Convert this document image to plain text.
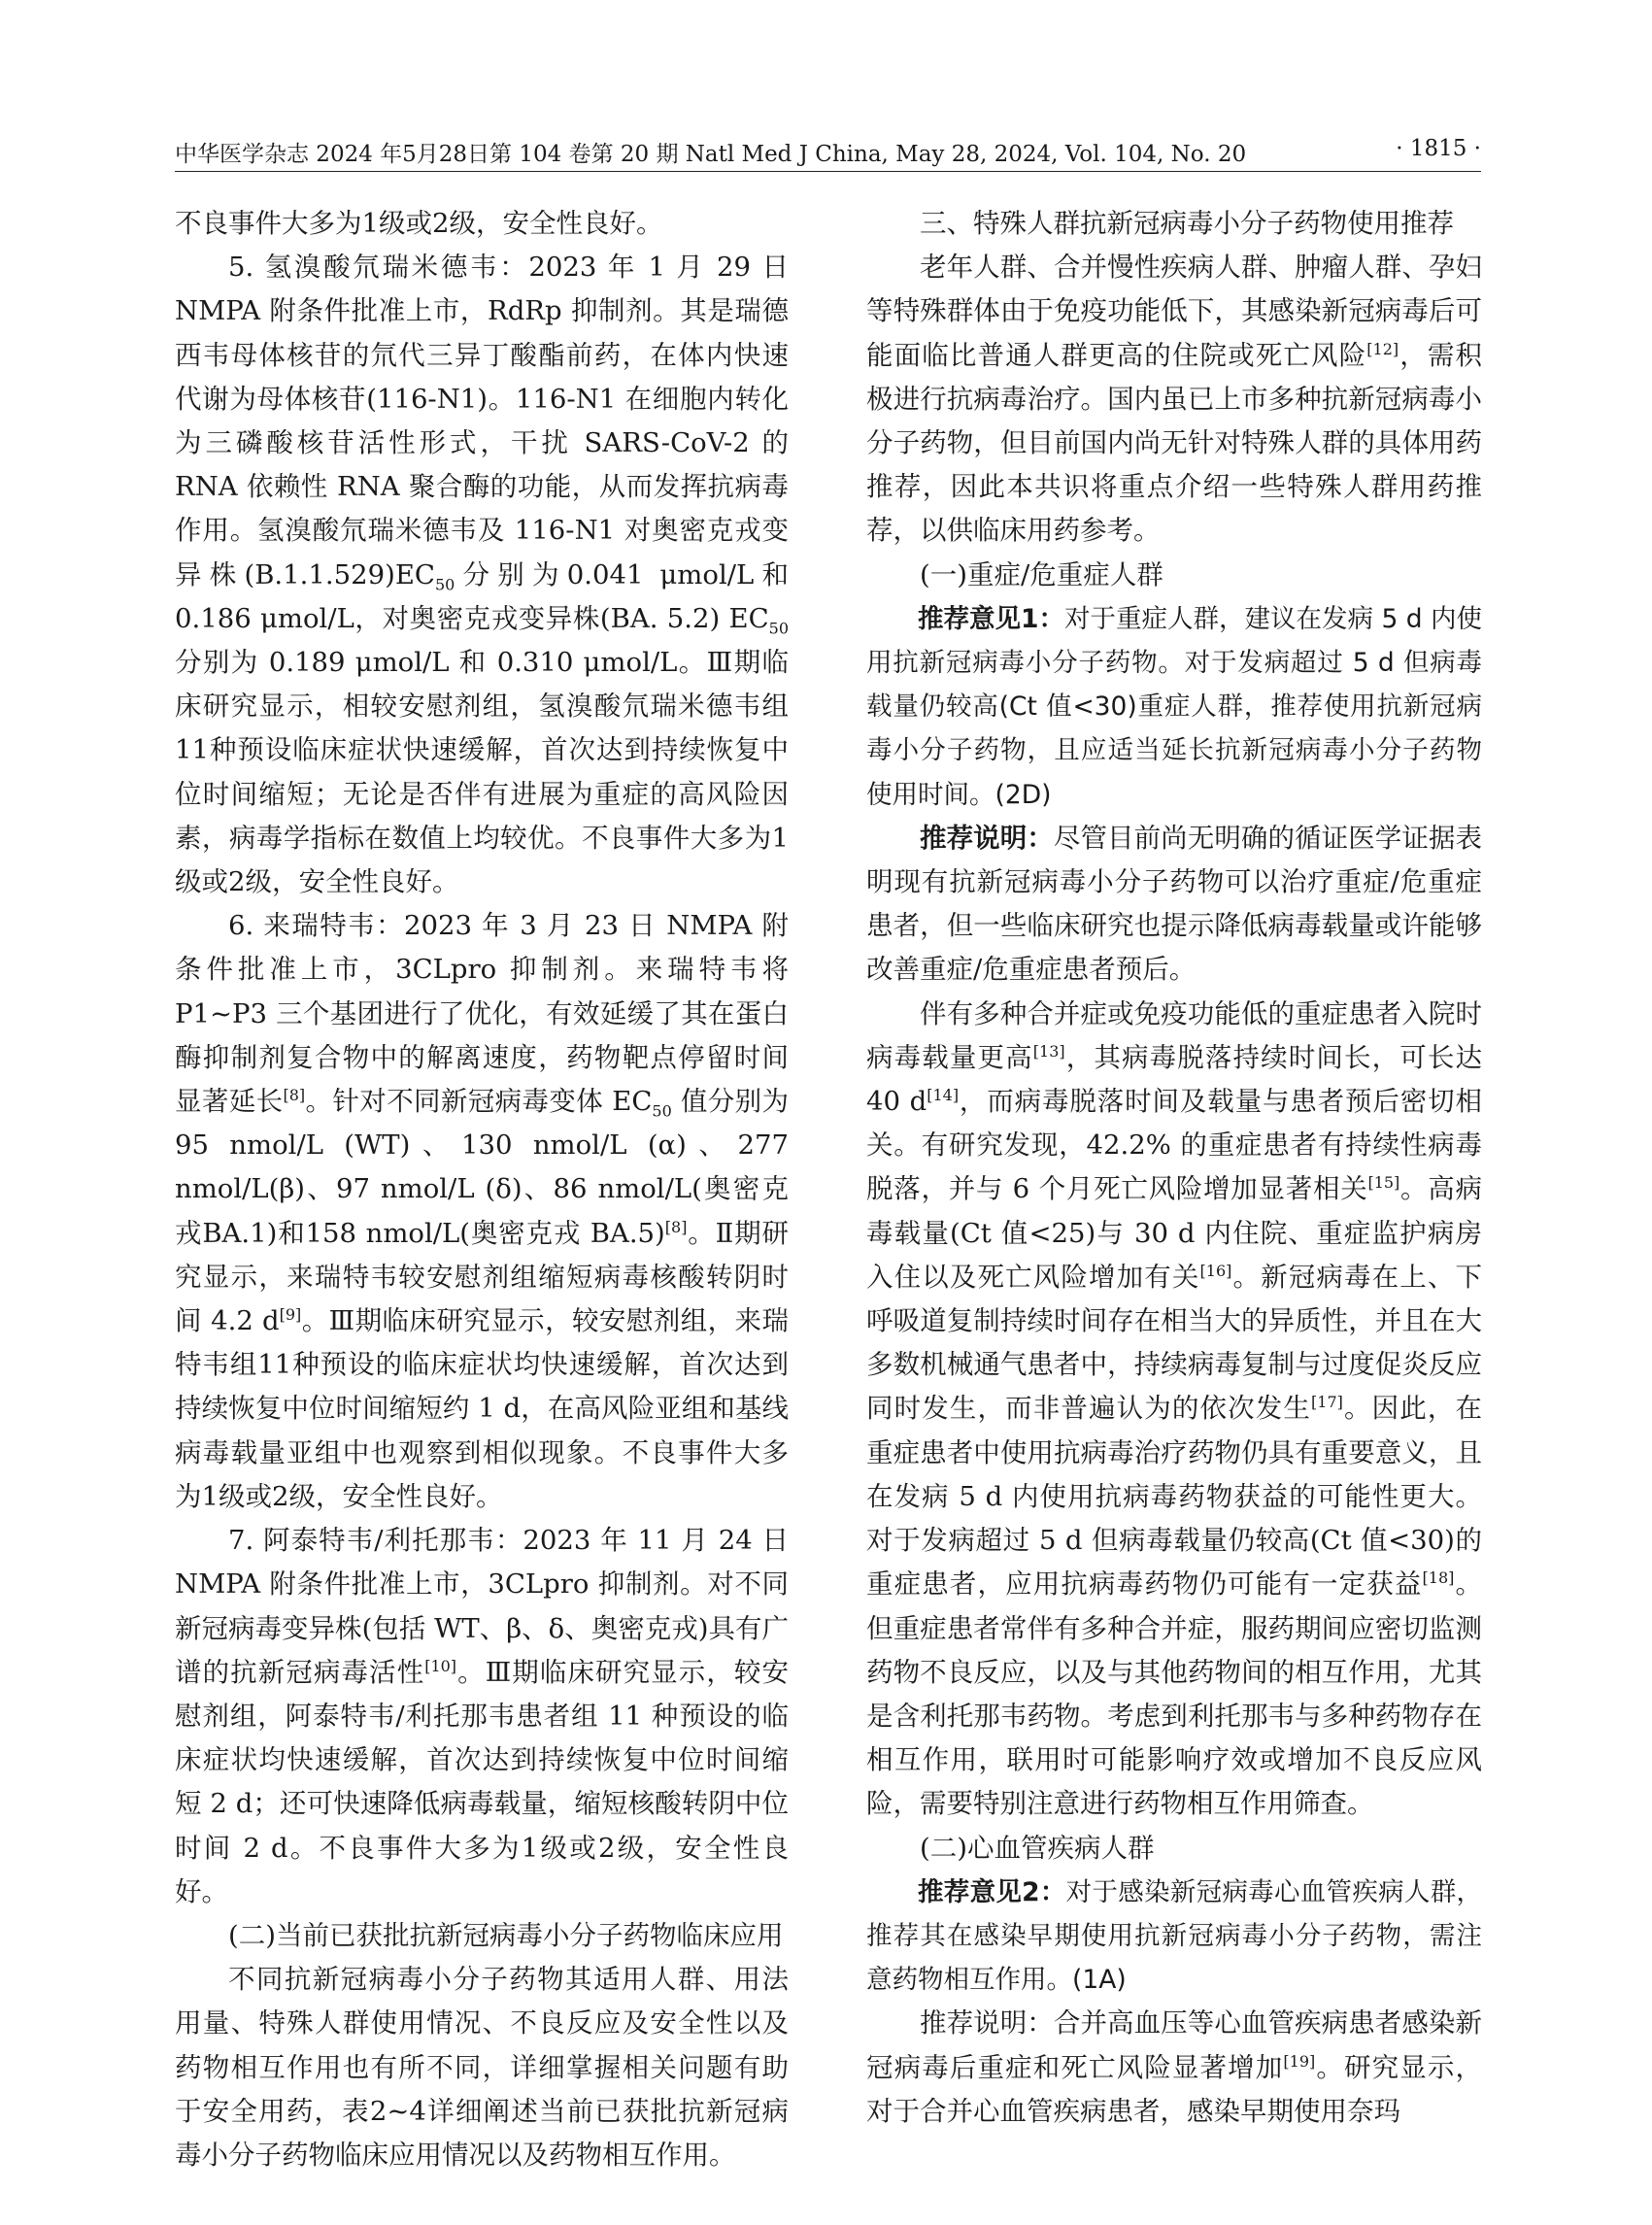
中华医学杂志 2024 年5月28日第 104 卷第 20 期 Natl Med J China, May 28, 2024, Vol. 104, No. 20	· 1815 ·

不良事件大多为1级或2级，安全性良好。

5. 氢溴酸氘瑞米德韦：2023 年 1 月 29 日 NMPA 附条件批准上市，RdRp 抑制剂。其是瑞德西韦母体核苷的氘代三异丁酸酯前药，在体内快速代谢为母体核苷(116-N1)。116-N1 在细胞内转化为三磷酸核苷活性形式，干扰 SARS-CoV-2 的 RNA 依赖性 RNA 聚合酶的功能，从而发挥抗病毒作用。氢溴酸氘瑞米德韦及 116-N1 对奥密克戎变异株$(B.1.1.529)EC_{50}$分别为0.041 μmol/L和0.186 μmol/L，对奥密克戎变异株(BA. 5.2) $EC_{50}$ 分别为 0.189 μmol/L 和 0.310 μmol/L。Ⅲ期临床研究显示，相较安慰剂组，氢溴酸氘瑞米德韦组11种预设临床症状快速缓解，首次达到持续恢复中位时间缩短；无论是否伴有进展为重症的高风险因素，病毒学指标在数值上均较优。不良事件大多为1级或2级，安全性良好。

6. 来瑞特韦：2023 年 3 月 23 日 NMPA 附条件批准上市，3CLpro 抑制剂。来瑞特韦将 P1~P3 三个基团进行了优化，有效延缓了其在蛋白酶抑制剂复合物中的解离速度，药物靶点停留时间显著延长[8]。针对不同新冠病毒变体 $EC_{50}$ 值分别为 95 nmol/L (WT)、130 nmol/L (α)、277 nmol/L(β)、97 nmol/L (δ)、86 nmol/L(奥密克戎BA.1)和158 nmol/L(奥密克戎 BA.5)[8]。Ⅱ期研究显示，来瑞特韦较安慰剂组缩短病毒核酸转阴时间 4.2 d[9]。Ⅲ期临床研究显示，较安慰剂组，来瑞特韦组11种预设的临床症状均快速缓解，首次达到持续恢复中位时间缩短约 1 d，在高风险亚组和基线病毒载量亚组中也观察到相似现象。不良事件大多为1级或2级，安全性良好。

7. 阿泰特韦/利托那韦：2023 年 11 月 24 日 NMPA 附条件批准上市，3CLpro 抑制剂。对不同新冠病毒变异株(包括 WT、β、δ、奥密克戎)具有广谱的抗新冠病毒活性[10]。Ⅲ期临床研究显示，较安慰剂组，阿泰特韦/利托那韦患者组 11 种预设的临床症状均快速缓解，首次达到持续恢复中位时间缩短 2 d；还可快速降低病毒载量，缩短核酸转阴中位时间 2 d。不良事件大多为1级或2级，安全性良好。

(二)当前已获批抗新冠病毒小分子药物临床应用

不同抗新冠病毒小分子药物其适用人群、用法用量、特殊人群使用情况、不良反应及安全性以及药物相互作用也有所不同，详细掌握相关问题有助于安全用药，表2~4详细阐述当前已获批抗新冠病毒小分子药物临床应用情况以及药物相互作用。

三、特殊人群抗新冠病毒小分子药物使用推荐

老年人群、合并慢性疾病人群、肿瘤人群、孕妇等特殊群体由于免疫功能低下，其感染新冠病毒后可能面临比普通人群更高的住院或死亡风险[12]，需积极进行抗病毒治疗。国内虽已上市多种抗新冠病毒小分子药物，但目前国内尚无针对特殊人群的具体用药推荐，因此本共识将重点介绍一些特殊人群用药推荐，以供临床用药参考。

(一)重症/危重症人群

推荐意见1：对于重症人群，建议在发病 5 d 内使用抗新冠病毒小分子药物。对于发病超过 5 d 但病毒载量仍较高(Ct 值<30)重症人群，推荐使用抗新冠病毒小分子药物，且应适当延长抗新冠病毒小分子药物使用时间。(2D)

推荐说明：尽管目前尚无明确的循证医学证据表明现有抗新冠病毒小分子药物可以治疗重症/危重症患者，但一些临床研究也提示降低病毒载量或许能够改善重症/危重症患者预后。

伴有多种合并症或免疫功能低的重症患者入院时病毒载量更高[13]，其病毒脱落持续时间长，可长达 40 d[14]，而病毒脱落时间及载量与患者预后密切相关。有研究发现，42.2% 的重症患者有持续性病毒脱落，并与 6 个月死亡风险增加显著相关[15]。高病毒载量(Ct 值<25)与 30 d 内住院、重症监护病房入住以及死亡风险增加有关[16]。新冠病毒在上、下呼吸道复制持续时间存在相当大的异质性，并且在大多数机械通气患者中，持续病毒复制与过度促炎反应同时发生，而非普遍认为的依次发生[17]。因此，在重症患者中使用抗病毒治疗药物仍具有重要意义，且在发病 5 d 内使用抗病毒药物获益的可能性更大。对于发病超过 5 d 但病毒载量仍较高(Ct 值<30)的重症患者，应用抗病毒药物仍可能有一定获益[18]。但重症患者常伴有多种合并症，服药期间应密切监测药物不良反应，以及与其他药物间的相互作用，尤其是含利托那韦药物。考虑到利托那韦与多种药物存在相互作用，联用时可能影响疗效或增加不良反应风险，需要特别注意进行药物相互作用筛查。

(二)心血管疾病人群

推荐意见2：对于感染新冠病毒心血管疾病人群，推荐其在感染早期使用抗新冠病毒小分子药物，需注意药物相互作用。(1A)

推荐说明：合并高血压等心血管疾病患者感染新冠病毒后重症和死亡风险显著增加[19]。研究显示，对于合并心血管疾病患者，感染早期使用奈玛
